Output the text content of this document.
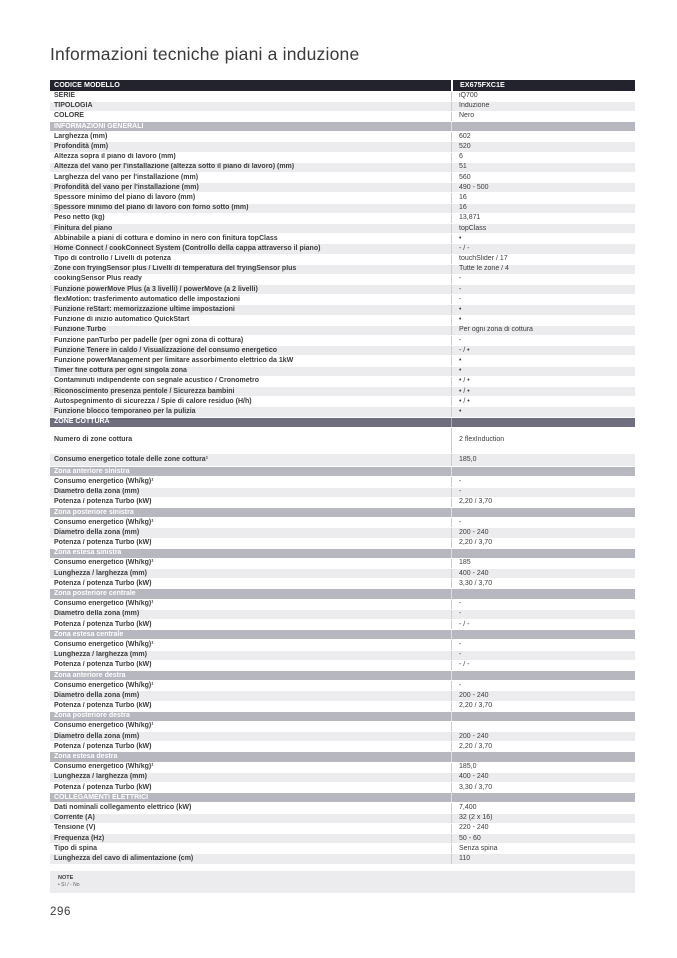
Informazioni tecniche piani a induzione
CODICE MODELLO	EX675FXC1E
SERIE	iQ700
TIPOLOGIA	Induzione
COLORE	Nero
INFORMAZIONI GENERALI
Larghezza (mm)	602
Profondità (mm)	520
Altezza sopra il piano di lavoro (mm)	6
Altezza del vano per l'installazione (altezza sotto il piano di lavoro) (mm)	51
Larghezza del vano per l'installazione (mm)	560
Profondità del vano per l'installazione (mm)	490 - 500
Spessore minimo del piano di lavoro (mm)	16
Spessore minimo del piano di lavoro con forno sotto (mm)	16
Peso netto (kg)	13,871
Finitura del piano	topClass
Abbinabile a piani di cottura e domino in nero con finitura topClass	•
Home Connect / cookConnect System (Controllo della cappa attraverso il piano)	- / -
Tipo di controllo / Livelli di potenza	touchSlider / 17
Zone con fryingSensor plus / Livelli di temperatura del fryingSensor plus	Tutte le zone / 4
cookingSensor Plus ready	-
Funzione powerMove Plus (a 3 livelli) / powerMove (a 2 livelli)	-
flexMotion: trasferimento automatico delle impostazioni	-
Funzione reStart: memorizzazione ultime impostazioni	•
Funzione di inizio automatico QuickStart	•
Funzione Turbo	Per ogni zona di cottura
Funzione panTurbo per padelle (per ogni zona di cottura)	-
Funzione Tenere in caldo / Visualizzazione del consumo energetico	- / •
Funzione powerManagement per limitare assorbimento elettrico da 1kW	•
Timer fine cottura per ogni singola zona	•
Contaminuti indipendente con segnale acustico / Cronometro	• / •
Riconoscimento presenza pentole / Sicurezza bambini	• / •
Autospegnimento di sicurezza / Spie di calore residuo (H/h)	• / •
Funzione blocco temporaneo per la pulizia	•
ZONE COTTURA
Numero di zone cottura	2 flexInduction
Consumo energetico totale delle zone cottura¹	185,0
Zona anteriore sinistra
Consumo energetico (Wh/kg)¹	-
Diametro della zona (mm)	-
Potenza / potenza Turbo (kW)	2,20 / 3,70
Zona posteriore sinistra
Consumo energetico (Wh/kg)¹	-
Diametro della zona (mm)	200 - 240
Potenza / potenza Turbo (kW)	2,20 / 3,70
Zona estesa sinistra
Consumo energetico (Wh/kg)¹	185
Lunghezza / larghezza (mm)	400 - 240
Potenza / potenza Turbo (kW)	3,30 / 3,70
Zona posteriore centrale
Consumo energetico (Wh/kg)¹	-
Diametro della zona (mm)	-
Potenza / potenza Turbo (kW)	- / -
Zona estesa centrale
Consumo energetico (Wh/kg)¹	-
Lunghezza / larghezza (mm)	-
Potenza / potenza Turbo (kW)	- / -
Zona anteriore destra
Consumo energetico (Wh/kg)¹	-
Diametro della zona (mm)	200 - 240
Potenza / potenza Turbo (kW)	2,20 / 3,70
Zona posteriore destra
Consumo energetico (Wh/kg)¹
Diametro della zona (mm)	200 - 240
Potenza / potenza Turbo (kW)	2,20 / 3,70
Zona estesa destra
Consumo energetico (Wh/kg)¹	185,0
Lunghezza / larghezza (mm)	400 - 240
Potenza / potenza Turbo (kW)	3,30 / 3,70
COLLEGAMENTI ELETTRICI
Dati nominali collegamento elettrico (kW)	7,400
Corrente (A)	32 (2 x 16)
Tensione (V)	220 - 240
Frequenza (Hz)	50 - 60
Tipo di spina	Senza spina
Lunghezza del cavo di alimentazione (cm)	110
NOTE
• Sì / - No
296
